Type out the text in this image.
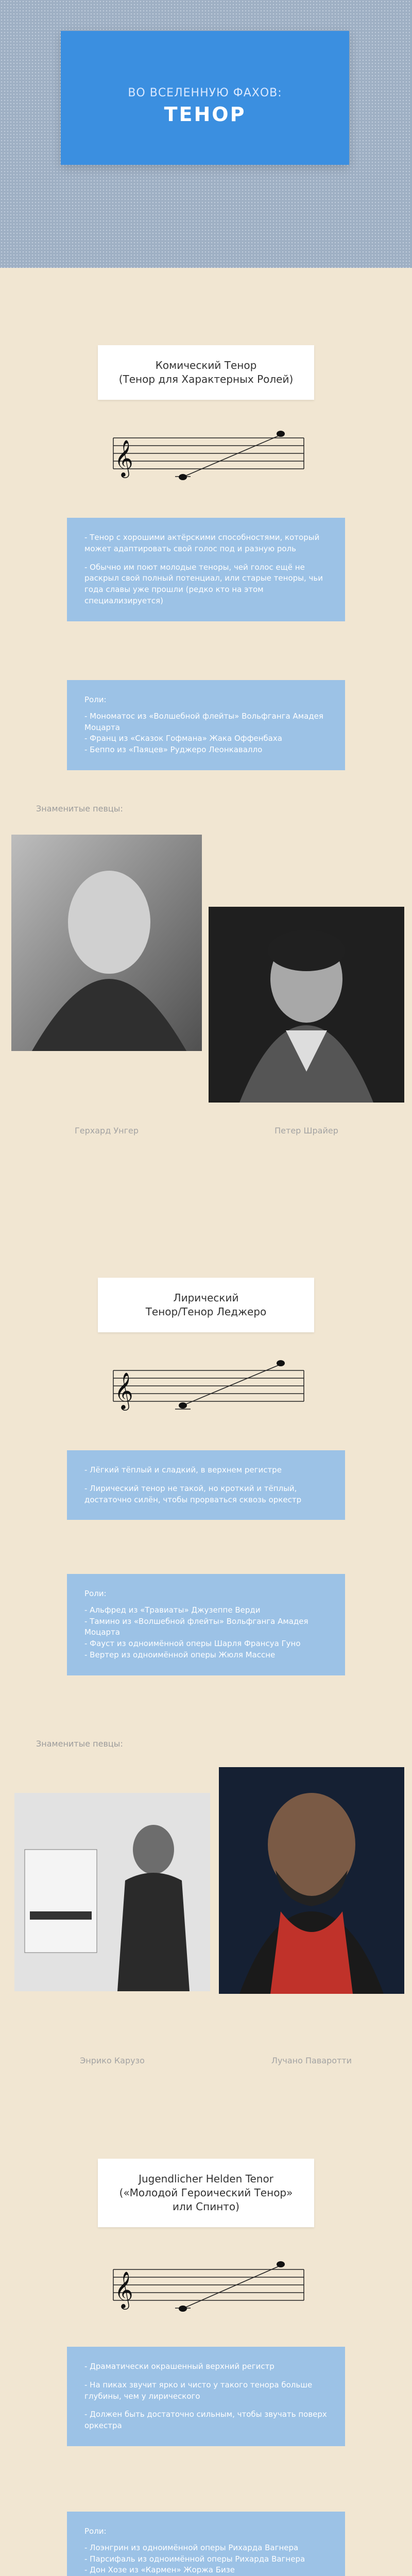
ВО ВСЕЛЕННУЮ ФАХОВ:
ТЕНОР
Комический Тенор
(Тенор для Характерных Ролей)
𝄞

- Тенор с хорошими актёрскими способностями, который может адаптировать свой голос под и разную роль

- Обычно им поют молодые теноры, чей голос ещё не раскрыл свой полный потенциал, или старые теноры, чьи года славы уже прошли (редко кто на этом специализируется)

Роли:
- Мономатос из «Волшебной флейты» Вольфганга Амадея Моцарта
- Франц из «Сказок Гофмана» Жака Оффенбаха
- Беппо из «Паяцев» Руджеро Леонкавалло
Знаменитые певцы:
Герхард Унгер	Петер Шрайер
Лирический
Тенор/Тенор Леджеро
𝄞

- Лёгкий тёплый и сладкий, в верхнем регистре

- Лирический тенор не такой, но кроткий и тёплый, достаточно силён, чтобы прорваться сквозь оркестр

Роли:
- Альфред из «Травиаты» Джузеппе Верди
- Тамино из «Волшебной флейты» Вольфганга Амадея Моцарта
- Фауст из одноимённой оперы Шарля Франсуа Гуно
- Вертер из одноимённой оперы Жюля Массне
Знаменитые певцы:
Энрико Карузо	Лучано Паваротти
Jugendlicher Helden Tenor
(«Молодой Героический Тенор»
или Спинто)
𝄞

- Драматически окрашенный верхний регистр

- На пиках звучит ярко и чисто у такого тенора больше глубины, чем у лирического

- Должен быть достаточно сильным, чтобы звучать поверх оркестра

Роли:
- Лоэнгрин из одноимённой оперы Рихарда Вагнера
- Парсифаль из одноимённой оперы Рихарда Вагнера
- Дон Хозе из «Кармен» Жоржа Бизе
